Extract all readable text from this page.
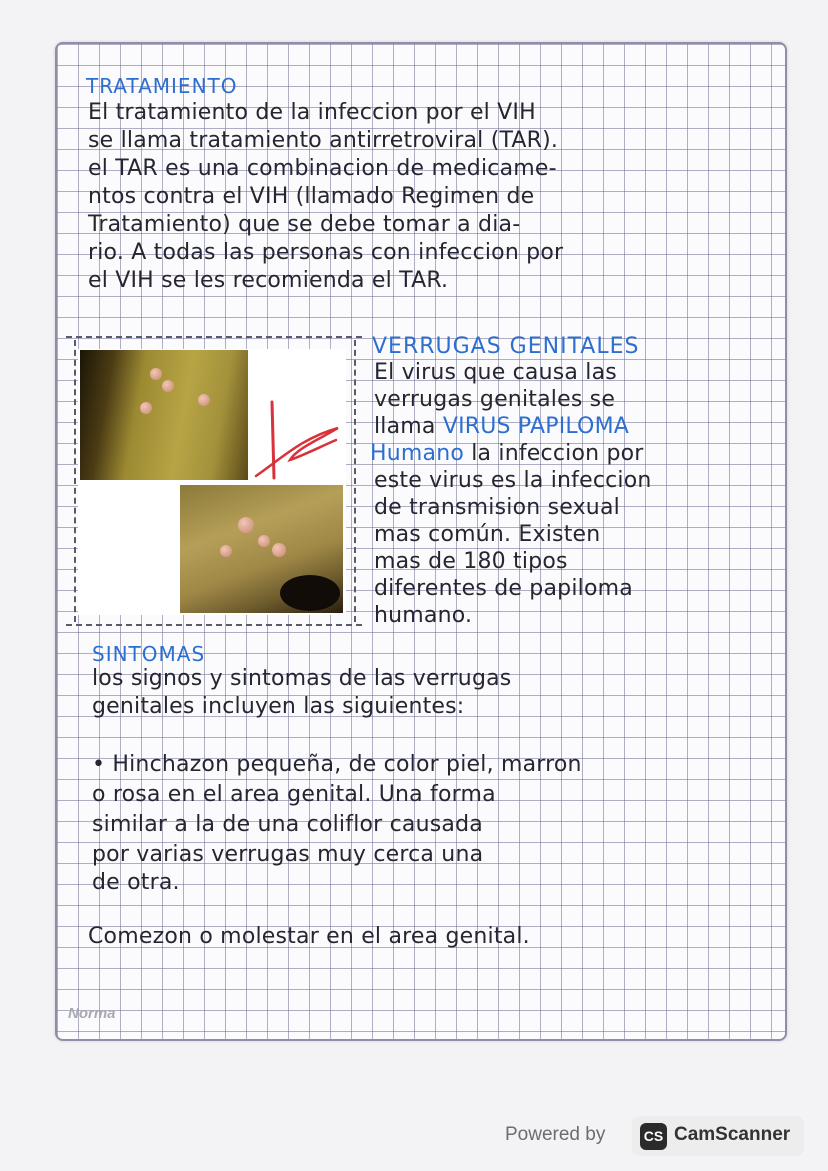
TRATAMIENTO

El tratamiento de la infeccion por el VIH

se llama tratamiento antirretroviral (TAR).

el TAR es una combinacion de medicame-

ntos contra el VIH (llamado Regimen de

Tratamiento) que se debe tomar a dia-

rio. A todas las personas con infeccion por

el VIH se les recomienda el TAR.

VERRUGAS GENITALES

El virus que causa las

verrugas genitales se

llama VIRUS PAPILOMA

Humano la infeccion por

este virus es la infeccion

de transmision sexual

mas común. Existen

mas de 180 tipos

diferentes de papiloma

humano.

SINTOMAS

los signos y sintomas de las verrugas

genitales incluyen las siguientes:

• Hinchazon pequeña, de color piel, marron

o rosa en el area genital. Una forma

similar a la de una coliflor causada

por varias verrugas muy cerca una

de otra.

Comezon o molestar en el area genital.

Norma

Powered by	CS CamScanner
